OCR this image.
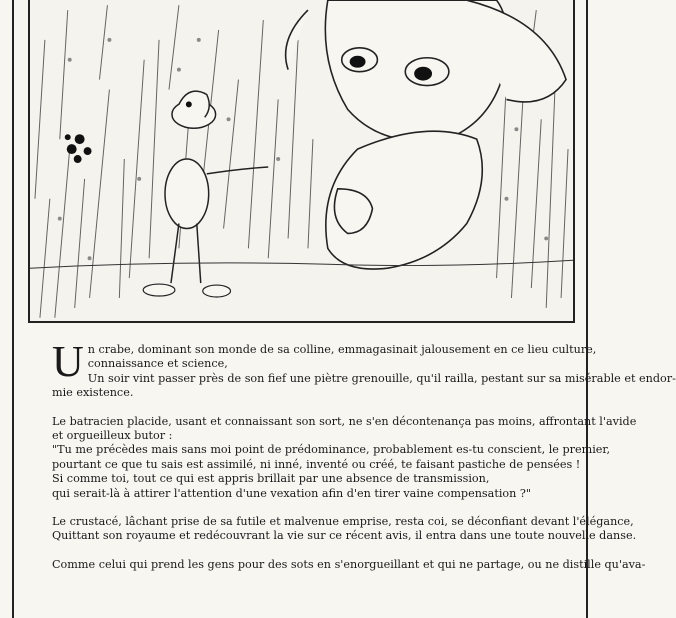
U n crabe, dominant son monde de sa colline, emmagasinait jalousement en ce lieu culture,
connaissance et science,
Un soir vint passer près de son fief une piètre grenouille, qu'il railla, pestant sur sa misérable et endor-
mie existence.
Le batracien placide, usant et connaissant son sort, ne s'en décontenança pas moins, affrontant l'avide
et orgueilleux butor :
"Tu me précèdes mais sans moi point de prédominance, probablement es-tu conscient, le premier,
pourtant ce que tu sais est assimilé, ni inné, inventé ou créé, te faisant pastiche de pensées !
Si comme toi, tout ce qui est appris brillait par une absence de transmission,
qui serait-là à attirer l'attention d'une vexation afin d'en tirer vaine compensation ?"
Le crustacé, lâchant prise de sa futile et malvenue emprise, resta coi, se déconfiant devant l'élégance,
Quittant son royaume et redécouvrant la vie sur ce récent avis, il entra dans une toute nouvelle danse.
Comme celui qui prend les gens pour des sots en s'enorgueillant et qui ne partage, ou ne distille qu'ava-
